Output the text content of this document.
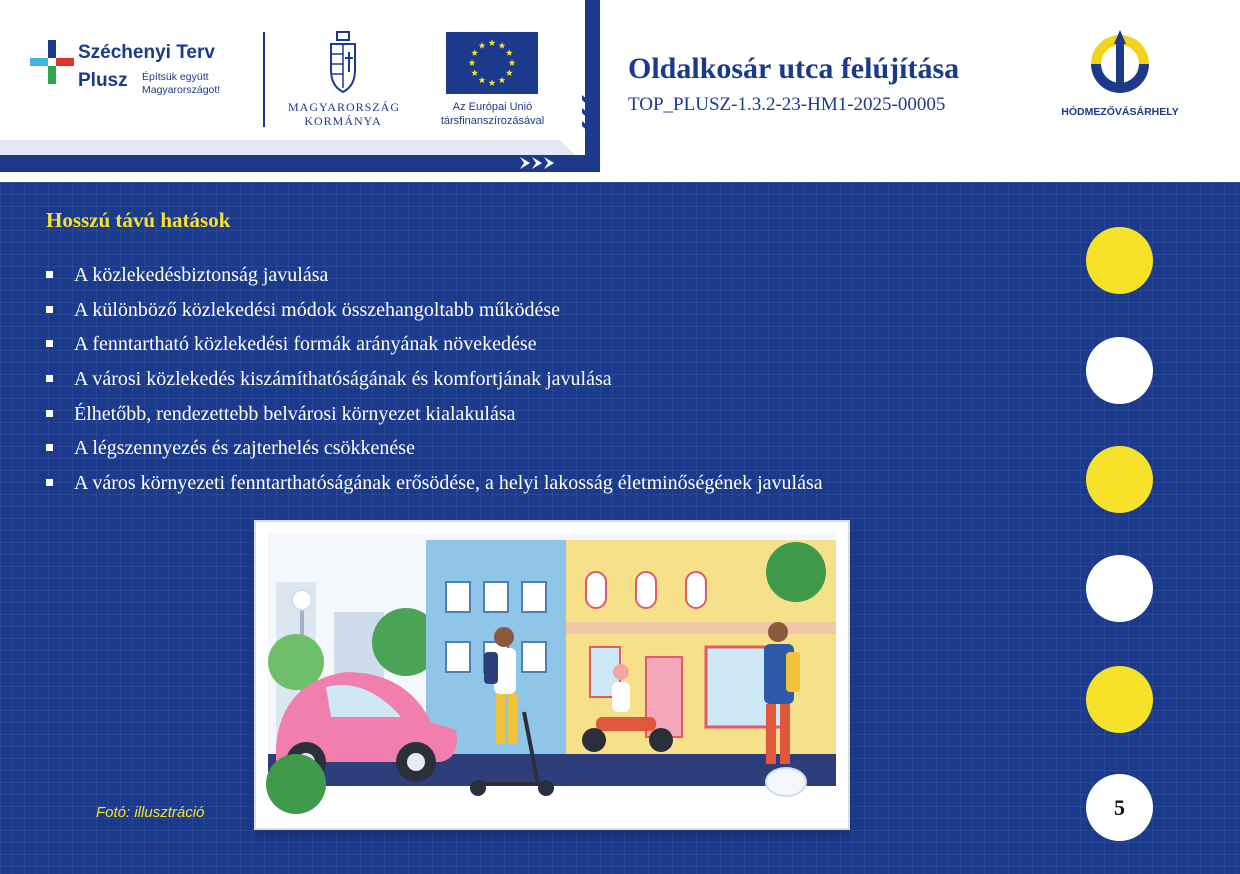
Széchenyi Terv
Plusz Építsük együtt
Magyarországot!
MAGYARORSZÁG
KORMÁNYA
Az Európai Unió
társfinanszírozásával
Oldalkosár utca felújítása
TOP_PLUSZ-1.3.2-23-HM1-2025-00005	HÓDMEZŐVÁSÁRHELY
Hosszú távú hatások
A közlekedésbiztonság javulása
A különböző közlekedési módok összehangoltabb működése
A fenntartható közlekedési formák arányának növekedése
A városi közlekedés kiszámíthatóságának és komfortjának javulása
Élhetőbb, rendezettebb belvárosi környezet kialakulása
A légszennyezés és zajterhelés csökkenése
A város környezeti fenntarthatóságának erősödése, a helyi lakosság életminőségének javulása
5
Fotó: illusztráció
